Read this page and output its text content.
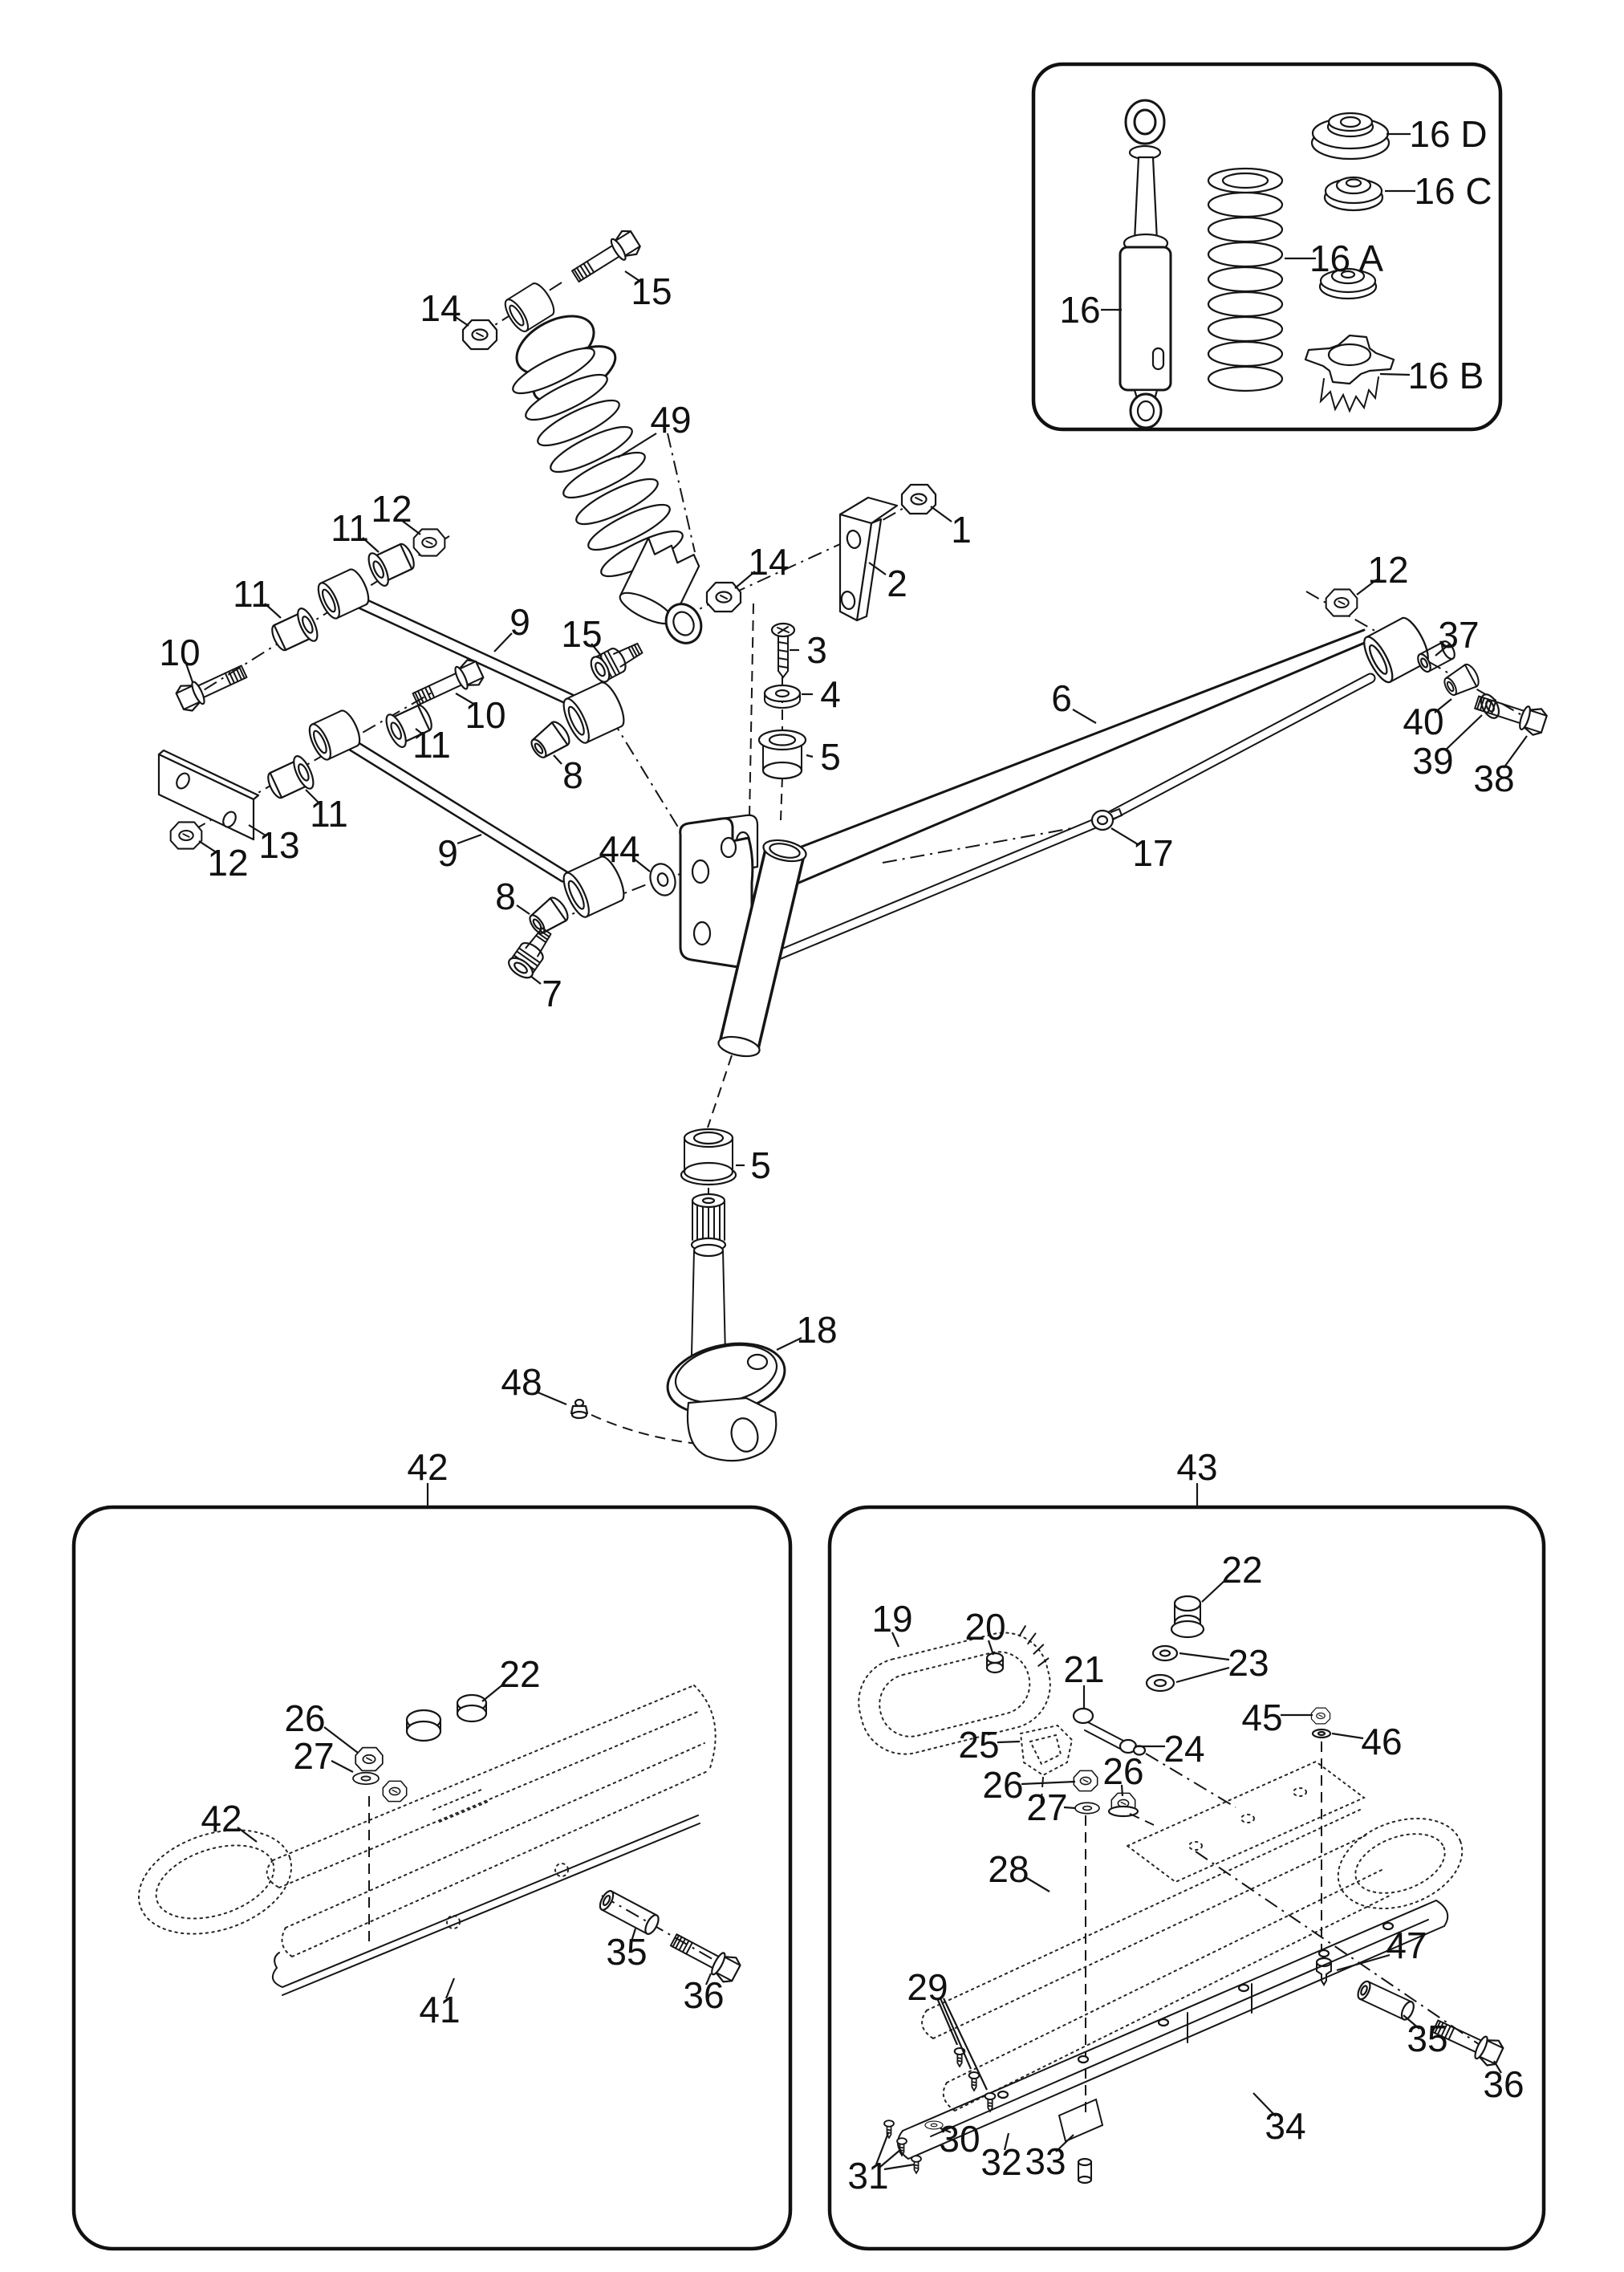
16
16 A
16 D
16 C
16 B
15
14
49
12
11
11
10
9 15
10
11
12 13
11
9
8
44
8
7
14
1
2
3
4
5
6
12
37
40
39 38
17
5
18
48
42	43
22
26
27
42
35
36
41
19 20
22
23
21
24
25
45
46
47
26 26
27
28
29
30
31 32 33
34
35
36
